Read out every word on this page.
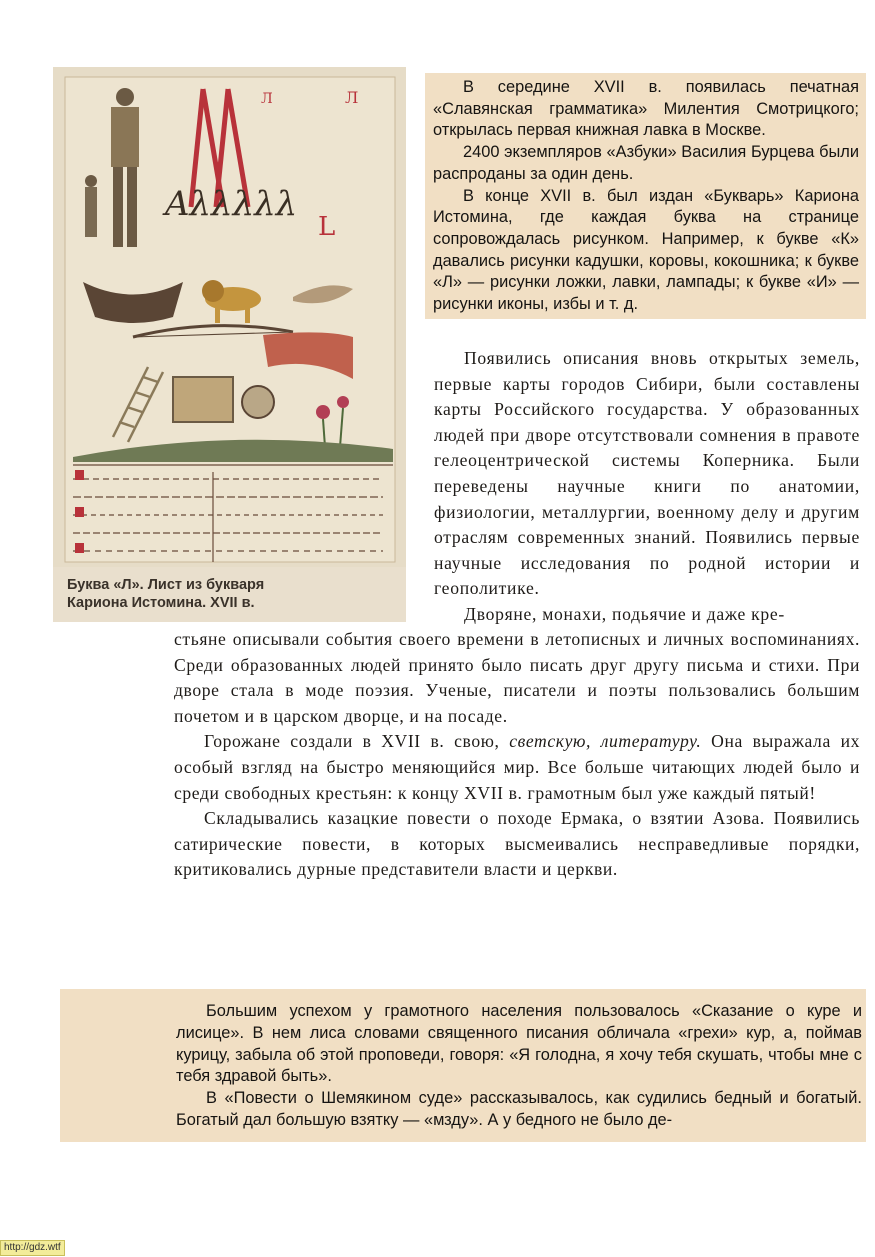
Л	Л
Aλλλλλ
L
Буква «Л». Лист из букваря
Кариона Истомина. XVII в.

В середине XVII в. появилась печатная «Славянская грамматика» Милентия Смотрицкого; открылась первая книжная лавка в Москве.

2400 экземпляров «Азбуки» Василия Бурцева были распроданы за один день.

В конце XVII в. был издан «Букварь» Кариона Истомина, где каждая буква на странице сопровождалась рисунком. Например, к букве «К» давались рисунки кадушки, коровы, кокошника; к букве «Л» — рисунки ложки, лавки, лампады; к букве «И» — рисунки иконы, избы и т. д.

Появились описания вновь открытых земель, первые карты городов Сибири, были составлены карты Российского государства. У образованных людей при дворе отсутствовали сомнения в правоте гелеоцентрической системы Коперника. Были переведены научные книги по анатомии, физиологии, металлургии, военному делу и другим отраслям современных знаний. Появились первые научные исследования по родной истории и геополитике.

Дворяне, монахи, подьячие и даже кре-

стьяне описывали события своего времени в летописных и личных воспоминаниях. Среди образованных людей принято было писать друг другу письма и стихи. При дворе стала в моде поэзия. Ученые, писатели и поэты пользовались большим почетом и в царском дворце, и на посаде.

Горожане создали в XVII в. свою, светскую, литературу. Она выражала их особый взгляд на быстро меняющийся мир. Все больше читающих людей было и среди свободных крестьян: к концу XVII в. грамотным был уже каждый пятый!

Складывались казацкие повести о походе Ермака, о взятии Азова. Появились сатирические повести, в которых высмеивались несправедливые порядки, критиковались дурные представители власти и церкви.

Большим успехом у грамотного населения пользовалось «Сказание о куре и лисице». В нем лиса словами священного писания обличала «грехи» кур, а, поймав курицу, забыла об этой проповеди, говоря: «Я голодна, я хочу тебя скушать, чтобы мне с тебя здравой быть».

В «Повести о Шемякином суде» рассказывалось, как судились бедный и богатый. Богатый дал большую взятку — «мзду». А у бедного не было де-

http://gdz.wtf
